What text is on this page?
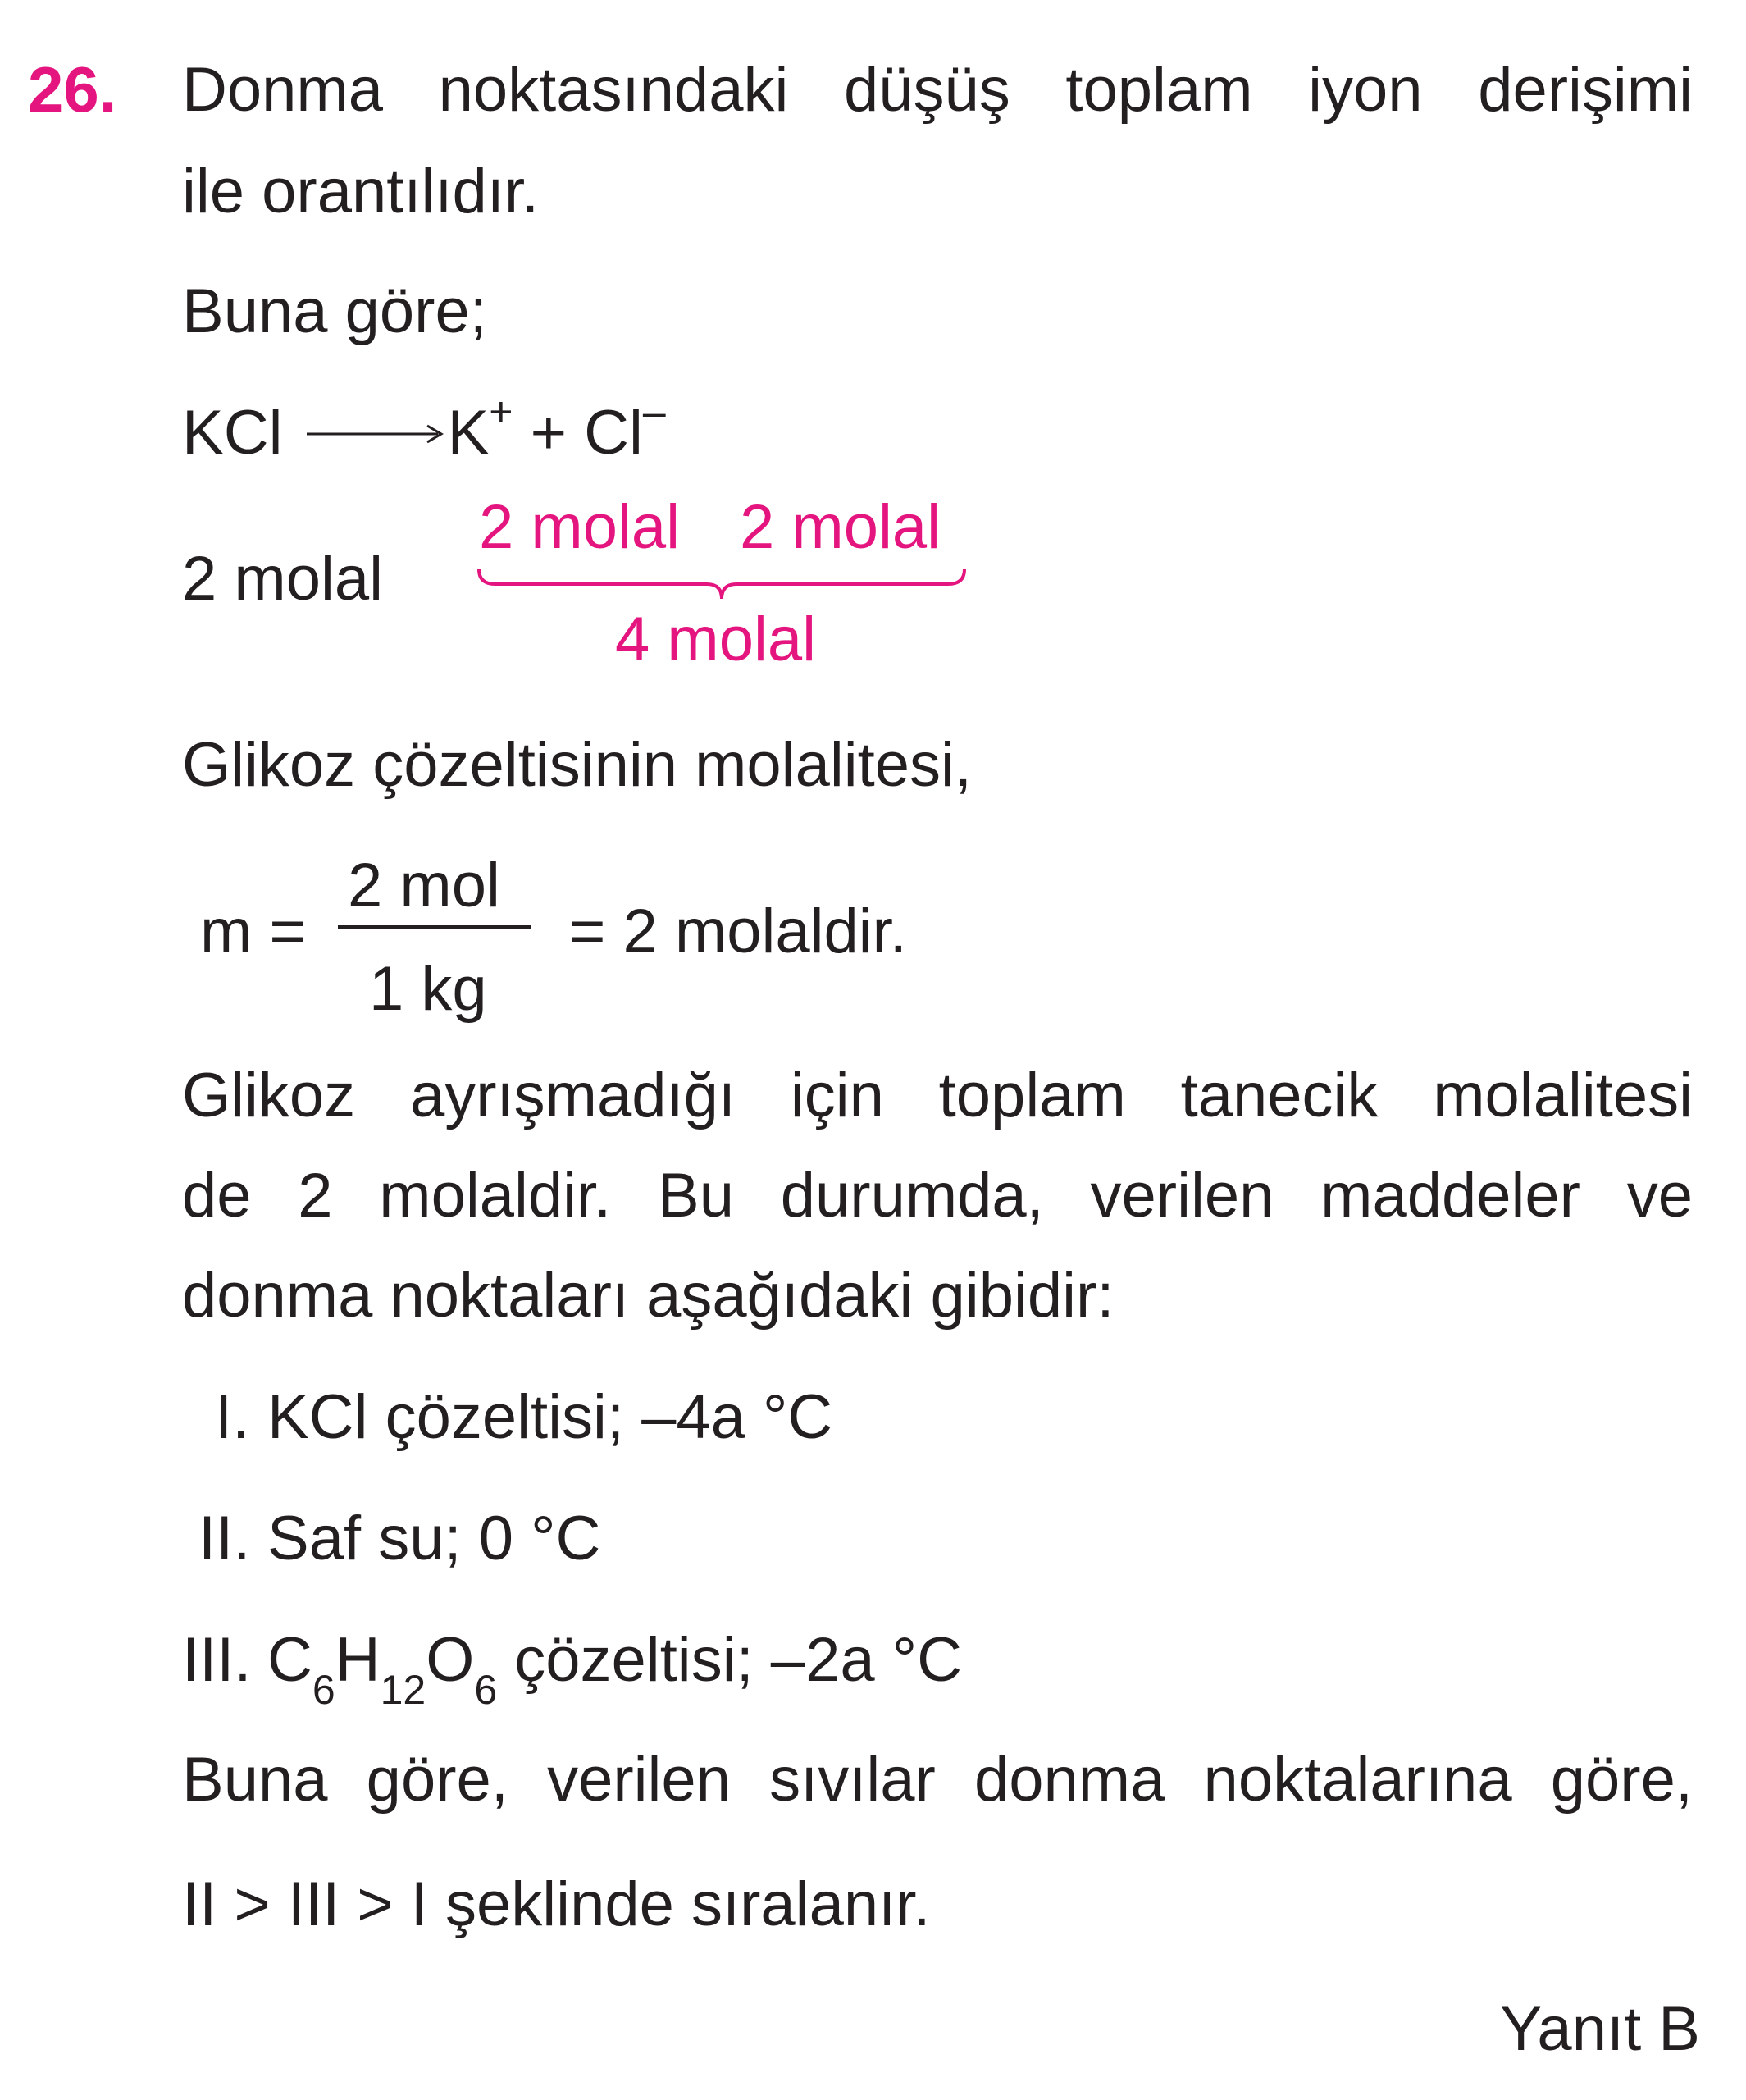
26. Donma noktasındaki düşüş toplam iyon derişimi
ile orantılıdır.
Buna göre;
KCl →K+ + Cl–
2 molal
2 molal 2 molal
4 molal
Glikoz çözeltisinin molalitesi,
m =
2 mol
1 kg
= 2 molaldir.
Glikoz ayrışmadığı için toplam tanecik molalitesi
de 2 molaldir. Bu durumda, verilen maddeler ve
donma noktaları aşağıdaki gibidir:
I. KCl çözeltisi; –4a °C
II. Saf su; 0 °C
III. $C_6H_{12}O_6$ çözeltisi; –2a °C
Buna göre, verilen sıvılar donma noktalarına göre,
II > III > I şeklinde sıralanır.
Yanıt B
